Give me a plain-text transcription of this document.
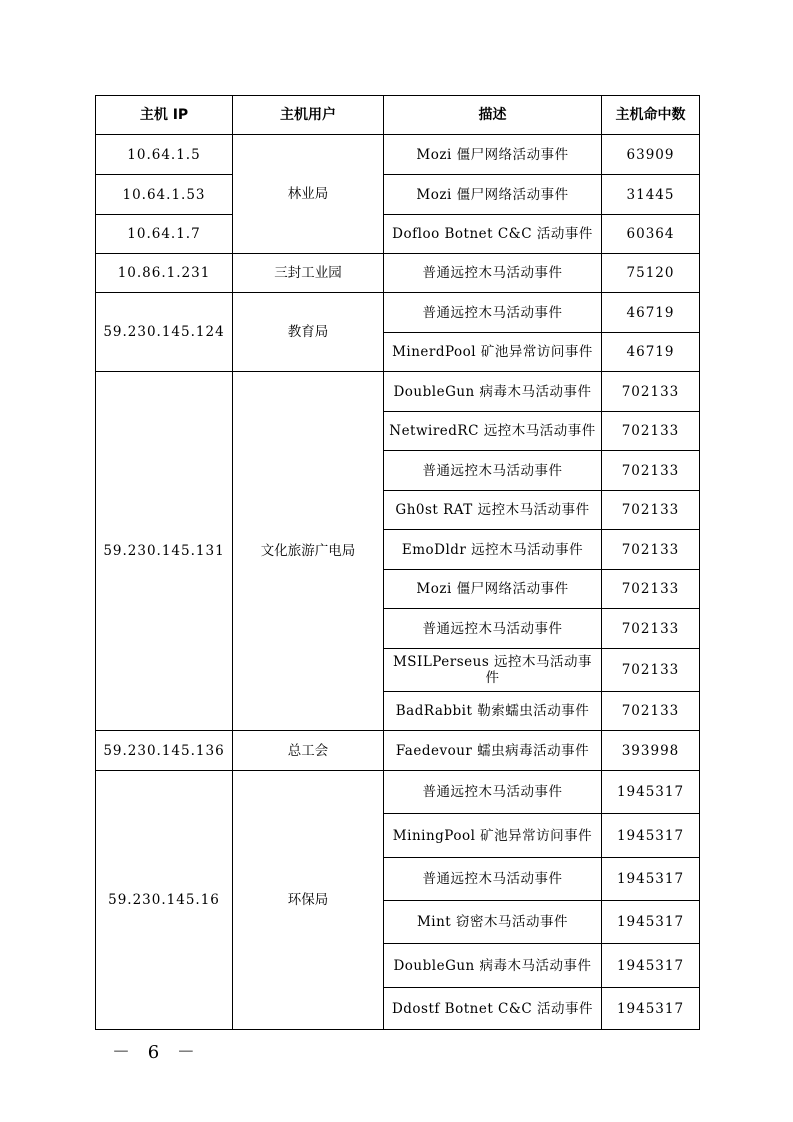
主机 IP	主机用户	描述	主机命中数
10.64.1.5	林业局	Mozi 僵尸网络活动事件	63909
10.64.1.53		Mozi 僵尸网络活动事件	31445
10.64.1.7		Dofloo Botnet C&C 活动事件	60364
10.86.1.231	三封工业园	普通远控木马活动事件	75120
59.230.145.124	教育局	普通远控木马活动事件	46719
		MinerdPool 矿池异常访问事件	46719
59.230.145.131	文化旅游广电局	DoubleGun 病毒木马活动事件	702133
		NetwiredRC 远控木马活动事件	702133
		普通远控木马活动事件	702133
		Gh0st RAT 远控木马活动事件	702133
		EmoDldr 远控木马活动事件	702133
		Mozi 僵尸网络活动事件	702133
		普通远控木马活动事件	702133
		MSILPerseus 远控木马活动事件	702133
		BadRabbit 勒索蠕虫活动事件	702133
59.230.145.136	总工会	Faedevour 蠕虫病毒活动事件	393998
59.230.145.16	环保局	普通远控木马活动事件	1945317
		MiningPool 矿池异常访问事件	1945317
		普通远控木马活动事件	1945317
		Mint 窃密木马活动事件	1945317
		DoubleGun 病毒木马活动事件	1945317
		Ddostf Botnet C&C 活动事件	1945317
－ 6 －
